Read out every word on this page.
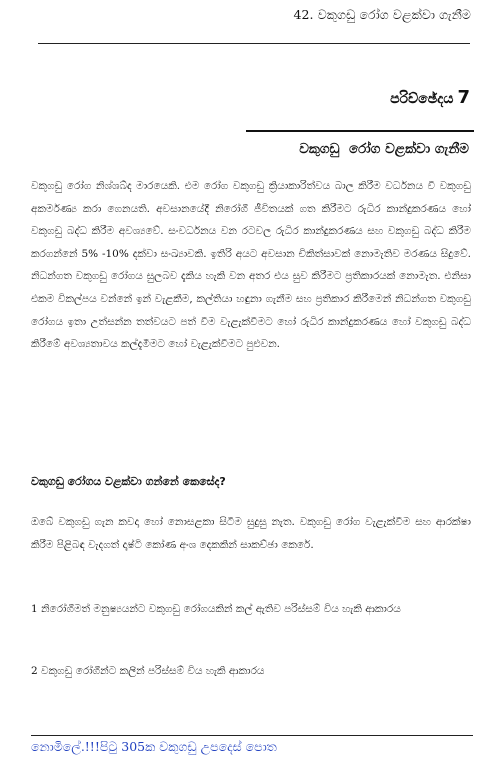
42. වකුගඩු රෝග වළක්වා ගැනීම
පරිච්ඡේදය 7
වකුගඩු  රෝග වළක්වා ගැනීම
වකුගඩු රෝග නිශ්ශබ්ද මාරයෙකි. එම රෝග වකුගඩු ක්‍රියාකාරිත්වය බාල කිරීම වර්ධනය වී වකුගඩු අකර්මණ්‍ය කරා ගෙනයති. අවසානයේදී නිරෝගී ජීවිතයක් ගත කිරීමට රුධිර කාන්දුකරණය හෝ වකුගඩු බද්ධ කිරීම අවශ්‍යවේ. සංවර්ධනය වන රටවල රුධිර කාන්දුකරණය සහ වකුගඩු බද්ධ කිරීම කරගන්නේ 5% -10% දක්වා සංඛ්‍යාවකි. ඉතිරි අයට අවසාන චිකිත්සාවක් නොමැතිව මරණය සිදුවේ. නිධන්ගත වකුගඩු රෝගය සුලබව දැකිය හැකි වන අතර එය සුව කිරීමට ප්‍රතිකාරයක් නොමැත. එනිසා එකම විකල්පය වන්නේ ඉන් වැළකීම, කල්තියා හඳුනා ගැනීම සහ ප්‍රතිකාර කිරීමෙන් නිධන්ගත වකුගඩු රෝගය ඉතා උත්සන්න තත්වයට පත් වීම වැළැක්වීමට හෝ රුධිර කාන්දුකරණය හෝ වකුගඩු බද්ධ කිරීමේ අවශ්‍යතාවය කල්දැමීමට හෝ වැළැක්වීමට පුළුවන.
වකුගඩු රෝගය වළක්වා ගන්නේ කෙසේද?
ඔබේ වකුගඩු ගැන කවදා හෝ නොසළකා සිටීම සුදුසු නැත. වකුගඩු රෝග වැළැක්වීම සහ ආරක්ෂා කිරීම පිළිබඳ වැදගත් දෘෂ්ටි කෝණ අංශ දෙකකින් සාකච්ඡා කෙරේ.
1 නිරෝගීමත් මනුෂ්‍යයන්ට වකුගඩු රෝගයකින් කල් ඇතිව පරිස්සම් විය හැකි ආකාරය
2 වකුගඩු රෝගීන්ට කලින් පරිස්සම් විය හැකි ආකාරය
නොමිලේ.!!!පිටු 305ක වකුගඩු උපදෙස් පොත
